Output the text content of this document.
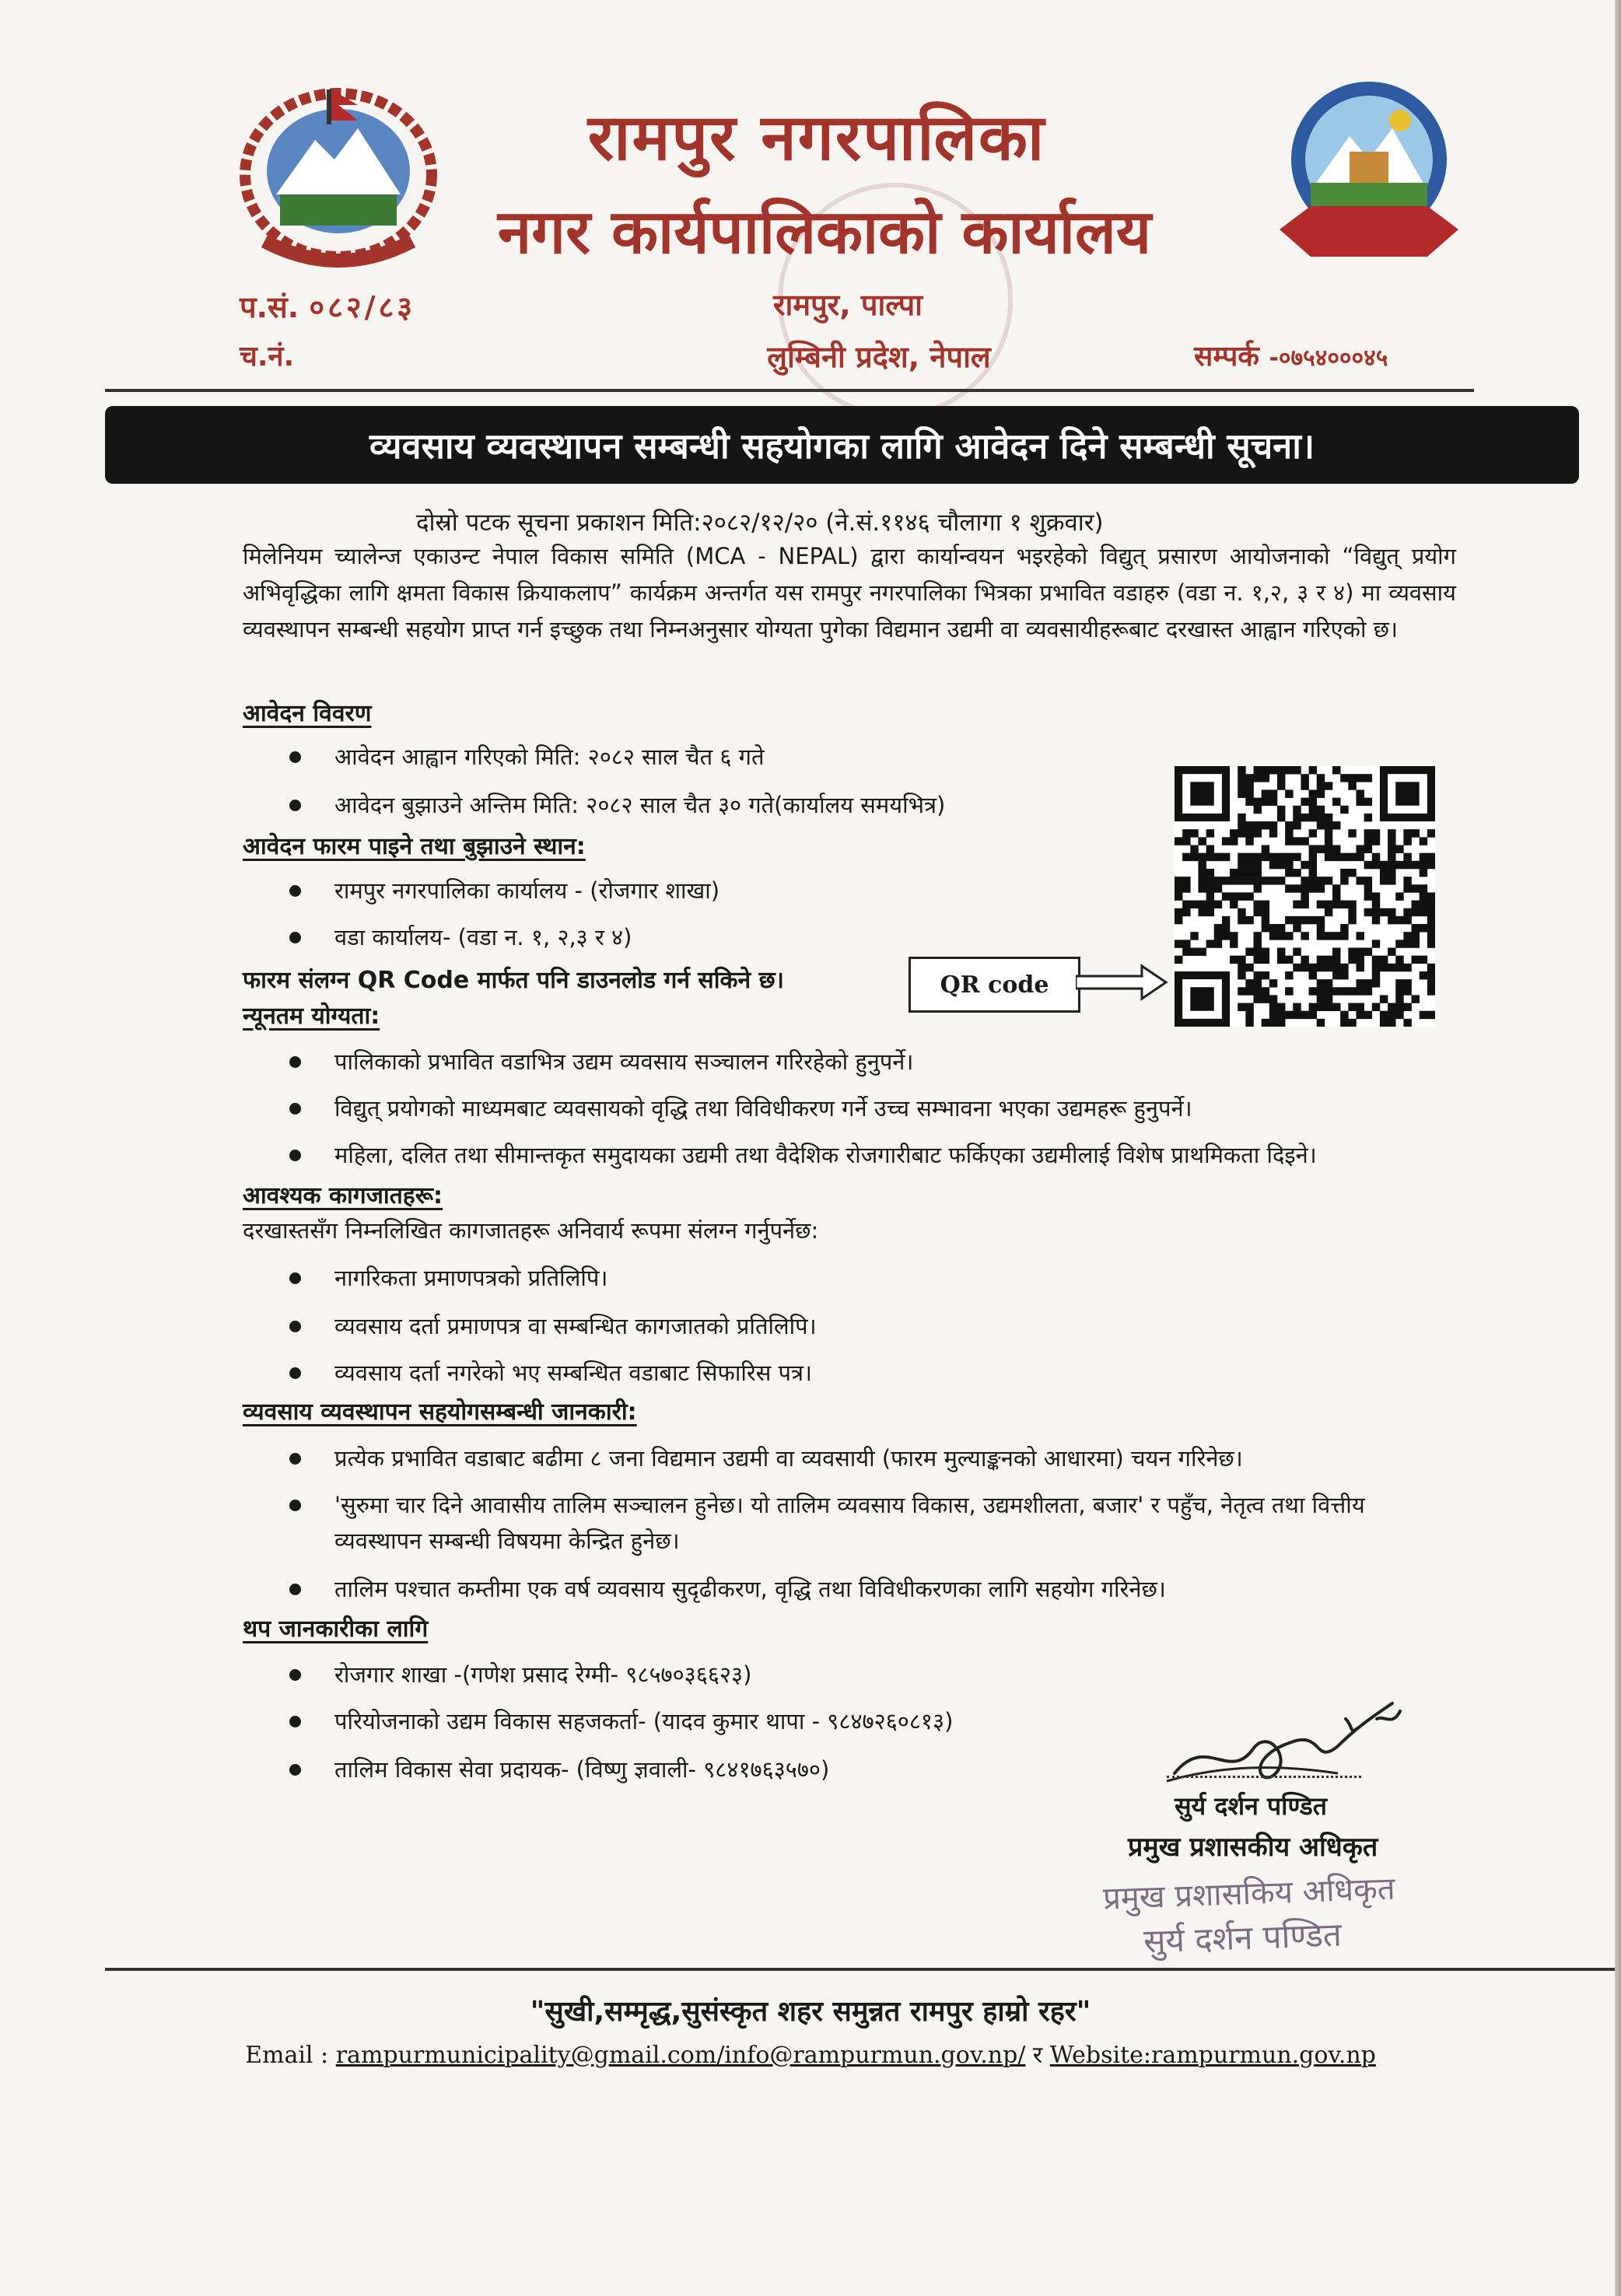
रामपुर नगरपालिका
नगर कार्यपालिकाको कार्यालय
प.सं. ०८२/८३
च.नं.
रामपुर, पाल्पा
लुम्बिनी प्रदेश, नेपाल	सम्पर्क -०७५४०००४५
व्यवसाय व्यवस्थापन सम्बन्धी सहयोगका लागि आवेदन दिने सम्बन्धी सूचना।
दोस्रो पटक सूचना प्रकाशन मिति:२०८२/१२/२० (ने.सं.११४६ चौलागा १ शुक्रवार)
मिलेनियम च्यालेन्ज एकाउन्ट नेपाल विकास समिति (MCA - NEPAL) द्वारा कार्यान्वयन भइरहेको विद्युत् प्रसारण आयोजनाको “विद्युत् प्रयोग अभिवृद्धिका लागि क्षमता विकास क्रियाकलाप” कार्यक्रम अन्तर्गत यस रामपुर नगरपालिका भित्रका प्रभावित वडाहरु (वडा न. १,२, ३ र ४) मा व्यवसाय व्यवस्थापन सम्बन्धी सहयोग प्राप्त गर्न इच्छुक तथा निम्नअनुसार योग्यता पुगेका विद्यमान उद्यमी वा व्यवसायीहरूबाट दरखास्त आह्वान गरिएको छ।
आवेदन विवरण
आवेदन आह्वान गरिएको मिति: २०८२ साल चैत ६ गते
आवेदन बुझाउने अन्तिम मिति: २०८२ साल चैत ३० गते(कार्यालय समयभित्र)
आवेदन फारम पाइने तथा बुझाउने स्थान:
रामपुर नगरपालिका कार्यालय - (रोजगार शाखा)
वडा कार्यालय- (वडा न. १, २,३ र ४)
फारम संलग्न QR Code मार्फत पनि डाउनलोड गर्न सकिने छ।	QR code
न्यूनतम योग्यता:
पालिकाको प्रभावित वडाभित्र उद्यम व्यवसाय सञ्चालन गरिरहेको हुनुपर्ने।
विद्युत् प्रयोगको माध्यमबाट व्यवसायको वृद्धि तथा विविधीकरण गर्ने उच्च सम्भावना भएका उद्यमहरू हुनुपर्ने।
महिला, दलित तथा सीमान्तकृत समुदायका उद्यमी तथा वैदेशिक रोजगारीबाट फर्किएका उद्यमीलाई विशेष प्राथमिकता दिइने।
आवश्यक कागजातहरू:
दरखास्तसँग निम्नलिखित कागजातहरू अनिवार्य रूपमा संलग्न गर्नुपर्नेछ:
नागरिकता प्रमाणपत्रको प्रतिलिपि।
व्यवसाय दर्ता प्रमाणपत्र वा सम्बन्धित कागजातको प्रतिलिपि।
व्यवसाय दर्ता नगरेको भए सम्बन्धित वडाबाट सिफारिस पत्र।
व्यवसाय व्यवस्थापन सहयोगसम्बन्धी जानकारी:
प्रत्येक प्रभावित वडाबाट बढीमा ८ जना विद्यमान उद्यमी वा व्यवसायी (फारम मुल्याङ्कनको आधारमा) चयन गरिनेछ।
'सुरुमा चार दिने आवासीय तालिम सञ्चालन हुनेछ। यो तालिम व्यवसाय विकास, उद्यमशीलता, बजार' र पहुँच, नेतृत्व तथा वित्तीय
व्यवस्थापन सम्बन्धी विषयमा केन्द्रित हुनेछ।
तालिम पश्चात कम्तीमा एक वर्ष व्यवसाय सुदृढीकरण, वृद्धि तथा विविधीकरणका लागि सहयोग गरिनेछ।
थप जानकारीका लागि
रोजगार शाखा -(गणेश प्रसाद रेग्मी- ९८५७०३६६२३)
परियोजनाको उद्यम विकास सहजकर्ता- (यादव कुमार थापा - ९८४७२६०८१३)
तालिम विकास सेवा प्रदायक- (विष्णु ज्ञवाली- ९८४१७६३५७०)
सुर्य दर्शन पण्डित
प्रमुख प्रशासकीय अधिकृत
प्रमुख प्रशासकिय अधिकृत
सुर्य दर्शन पण्डित
"सुखी,सम्मृद्ध,सुसंस्कृत शहर समुन्नत रामपुर हाम्रो रहर"
Email : rampurmunicipality@gmail.com/info@rampurmun.gov.np/ र Website:rampurmun.gov.np
